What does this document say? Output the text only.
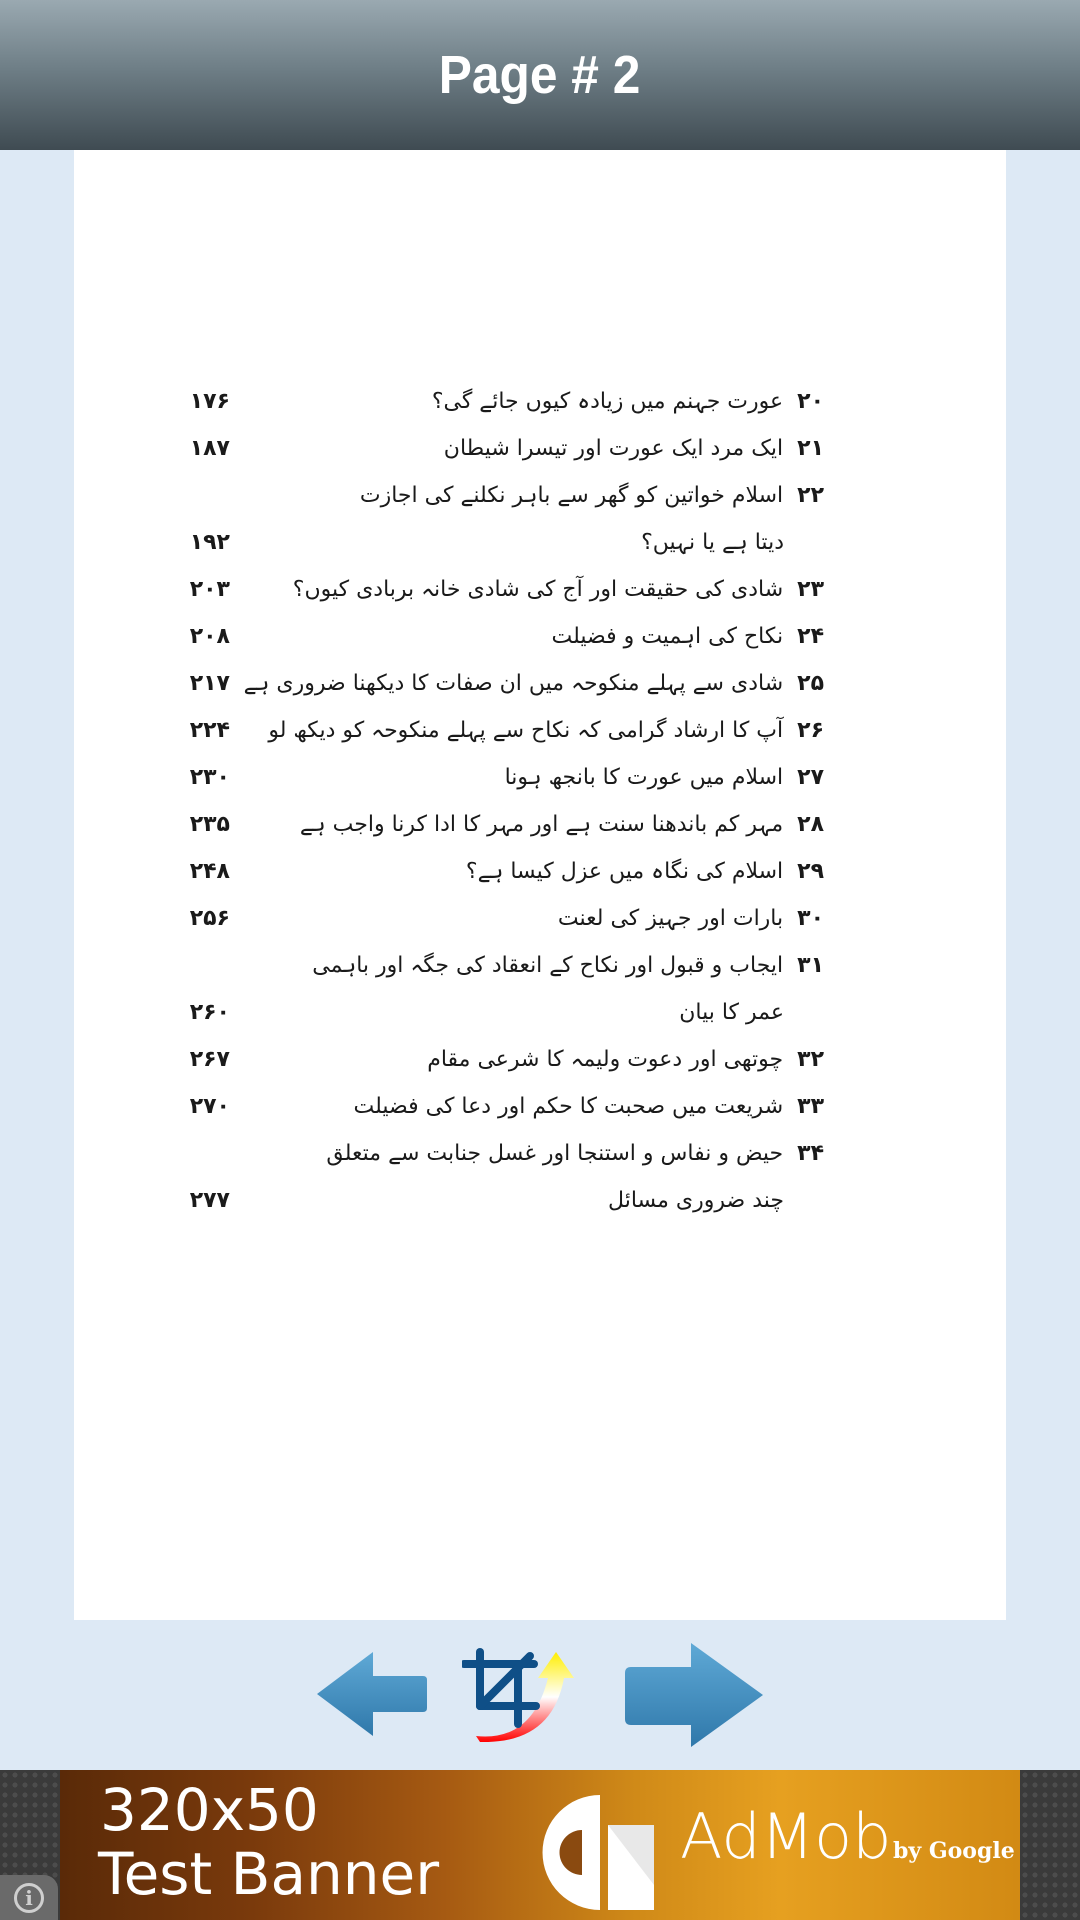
Page # 2
۱۷۶	۲۰عورت جہنم میں زیادہ کیوں جائے گی؟
۱۸۷	۲۱ایک مرد ایک عورت اور تیسرا شیطان
۲۲اسلام خواتین کو گھر سے باہر نکلنے کی اجازت
۱۹۲	دیتا ہے یا نہیں؟
۲۰۳	۲۳شادی کی حقیقت اور آج کی شادی خانہ بربادی کیوں؟
۲۰۸	۲۴نکاح کی اہمیت و فضیلت
۲۱۷	۲۵شادی سے پہلے منکوحہ میں ان صفات کا دیکھنا ضروری ہے
۲۲۴	۲۶آپ کا ارشاد گرامی کہ نکاح سے پہلے منکوحہ کو دیکھ لو
۲۳۰	۲۷اسلام میں عورت کا بانجھ ہونا
۲۳۵	۲۸مہر کم باندھنا سنت ہے اور مہر کا ادا کرنا واجب ہے
۲۴۸	۲۹اسلام کی نگاہ میں عزل کیسا ہے؟
۲۵۶	۳۰بارات اور جہیز کی لعنت
۳۱ایجاب و قبول اور نکاح کے انعقاد کی جگہ اور باہمی
۲۶۰	عمر کا بیان
۲۶۷	۳۲چوتھی اور دعوت ولیمہ کا شرعی مقام
۲۷۰	۳۳شریعت میں صحبت کا حکم اور دعا کی فضیلت
۳۴حیض و نفاس و استنجا اور غسل جنابت سے متعلق
۲۷۷	چند ضروری مسائل
320x50
Test Banner
AdMob by Google
i
